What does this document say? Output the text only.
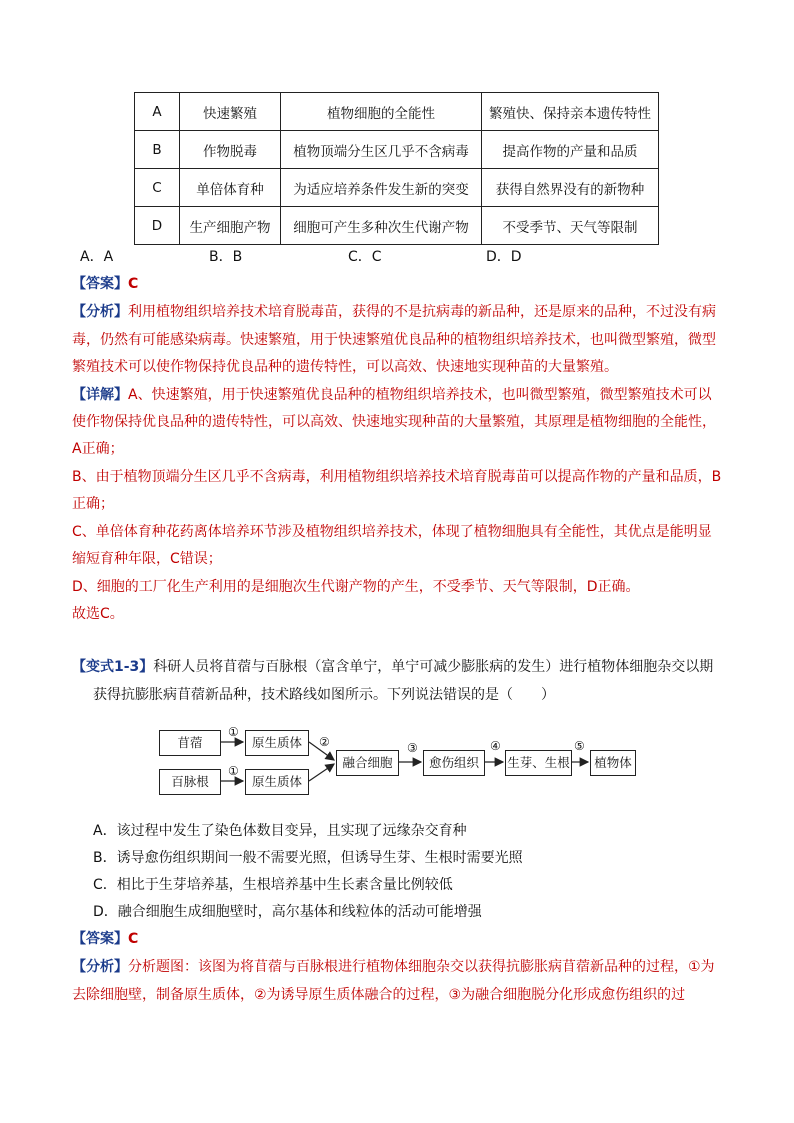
A	快速繁殖	植物细胞的全能性	繁殖快、保持亲本遗传特性
B	作物脱毒	植物顶端分生区几乎不含病毒	提高作物的产量和品质
C	单倍体育种	为适应培养条件发生新的突变	获得自然界没有的新物种
D	生产细胞产物	细胞可产生多种次生代谢产物	不受季节、天气等限制
A．A	B．B	C．C	D．D
【答案】C
【分析】利用植物组织培养技术培育脱毒苗，获得的不是抗病毒的新品种，还是原来的品种，不过没有病
毒，仍然有可能感染病毒。快速繁殖，用于快速繁殖优良品种的植物组织培养技术，也叫微型繁殖，微型
繁殖技术可以使作物保持优良品种的遗传特性，可以高效、快速地实现种苗的大量繁殖。
【详解】A、快速繁殖，用于快速繁殖优良品种的植物组织培养技术，也叫微型繁殖，微型繁殖技术可以
使作物保持优良品种的遗传特性，可以高效、快速地实现种苗的大量繁殖，其原理是植物细胞的全能性，
A正确；
B、由于植物顶端分生区几乎不含病毒，利用植物组织培养技术培育脱毒苗可以提高作物的产量和品质，B
正确；
C、单倍体育种花药离体培养环节涉及植物组织培养技术，体现了植物细胞具有全能性，其优点是能明显
缩短育种年限，C错误；
D、细胞的工厂化生产利用的是细胞次生代谢产物的产生，不受季节、天气等限制，D正确。
故选C。
【变式1-3】科研人员将苜蓿与百脉根（富含单宁，单宁可减少膨胀病的发生）进行植物体细胞杂交以期
获得抗膨胀病苜蓿新品种，技术路线如图所示。下列说法错误的是（　　）
苜蓿
百脉根
原生质体
原生质体
融合细胞	愈伤组织	生芽、生根	植物体
①
①
②	③	④	⑤
A．该过程中发生了染色体数目变异，且实现了远缘杂交育种
B．诱导愈伤组织期间一般不需要光照，但诱导生芽、生根时需要光照
C．相比于生芽培养基，生根培养基中生长素含量比例较低
D．融合细胞生成细胞壁时，高尔基体和线粒体的活动可能增强
【答案】C
【分析】分析题图：该图为将苜蓿与百脉根进行植物体细胞杂交以获得抗膨胀病苜蓿新品种的过程，①为
去除细胞壁，制备原生质体，②为诱导原生质体融合的过程，③为融合细胞脱分化形成愈伤组织的过
